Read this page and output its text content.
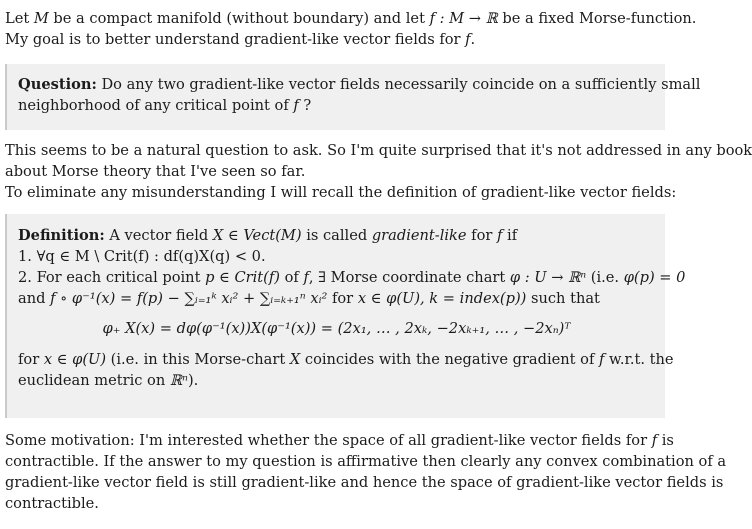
Let M be a compact manifold (without boundary) and let f : M → ℝ be a fixed Morse-function.
My goal is to better understand gradient-like vector fields for f.
Question: Do any two gradient-like vector fields necessarily coincide on a sufficiently small
neighborhood of any critical point of f ?
This seems to be a natural question to ask. So I'm quite surprised that it's not addressed in any book
about Morse theory that I've seen so far.
To eliminate any misunderstanding I will recall the definition of gradient-like vector fields:
Definition: A vector field X ∈ Vect(M) is called gradient-like for f if
1. ∀q ∈ M \ Crit(f) : df(q)X(q) < 0.
2. For each critical point p ∈ Crit(f) of f, ∃ Morse coordinate chart φ : U → ℝⁿ (i.e. φ(p) = 0
and f ∘ φ⁻¹(x) = f(p) − ∑ᵢ₌₁ᵏ xᵢ² + ∑ᵢ₌ₖ₊₁ⁿ xᵢ² for x ∈ φ(U), k = index(p)) such that
φ₊ X(x) = dφ(φ⁻¹(x))X(φ⁻¹(x)) = (2x₁, … , 2xₖ, −2xₖ₊₁, … , −2xₙ)ᵀ
for x ∈ φ(U) (i.e. in this Morse-chart X coincides with the negative gradient of f w.r.t. the
euclidean metric on ℝⁿ).
Some motivation: I'm interested whether the space of all gradient-like vector fields for f is
contractible. If the answer to my question is affirmative then clearly any convex combination of a
gradient-like vector field is still gradient-like and hence the space of gradient-like vector fields is
contractible.
